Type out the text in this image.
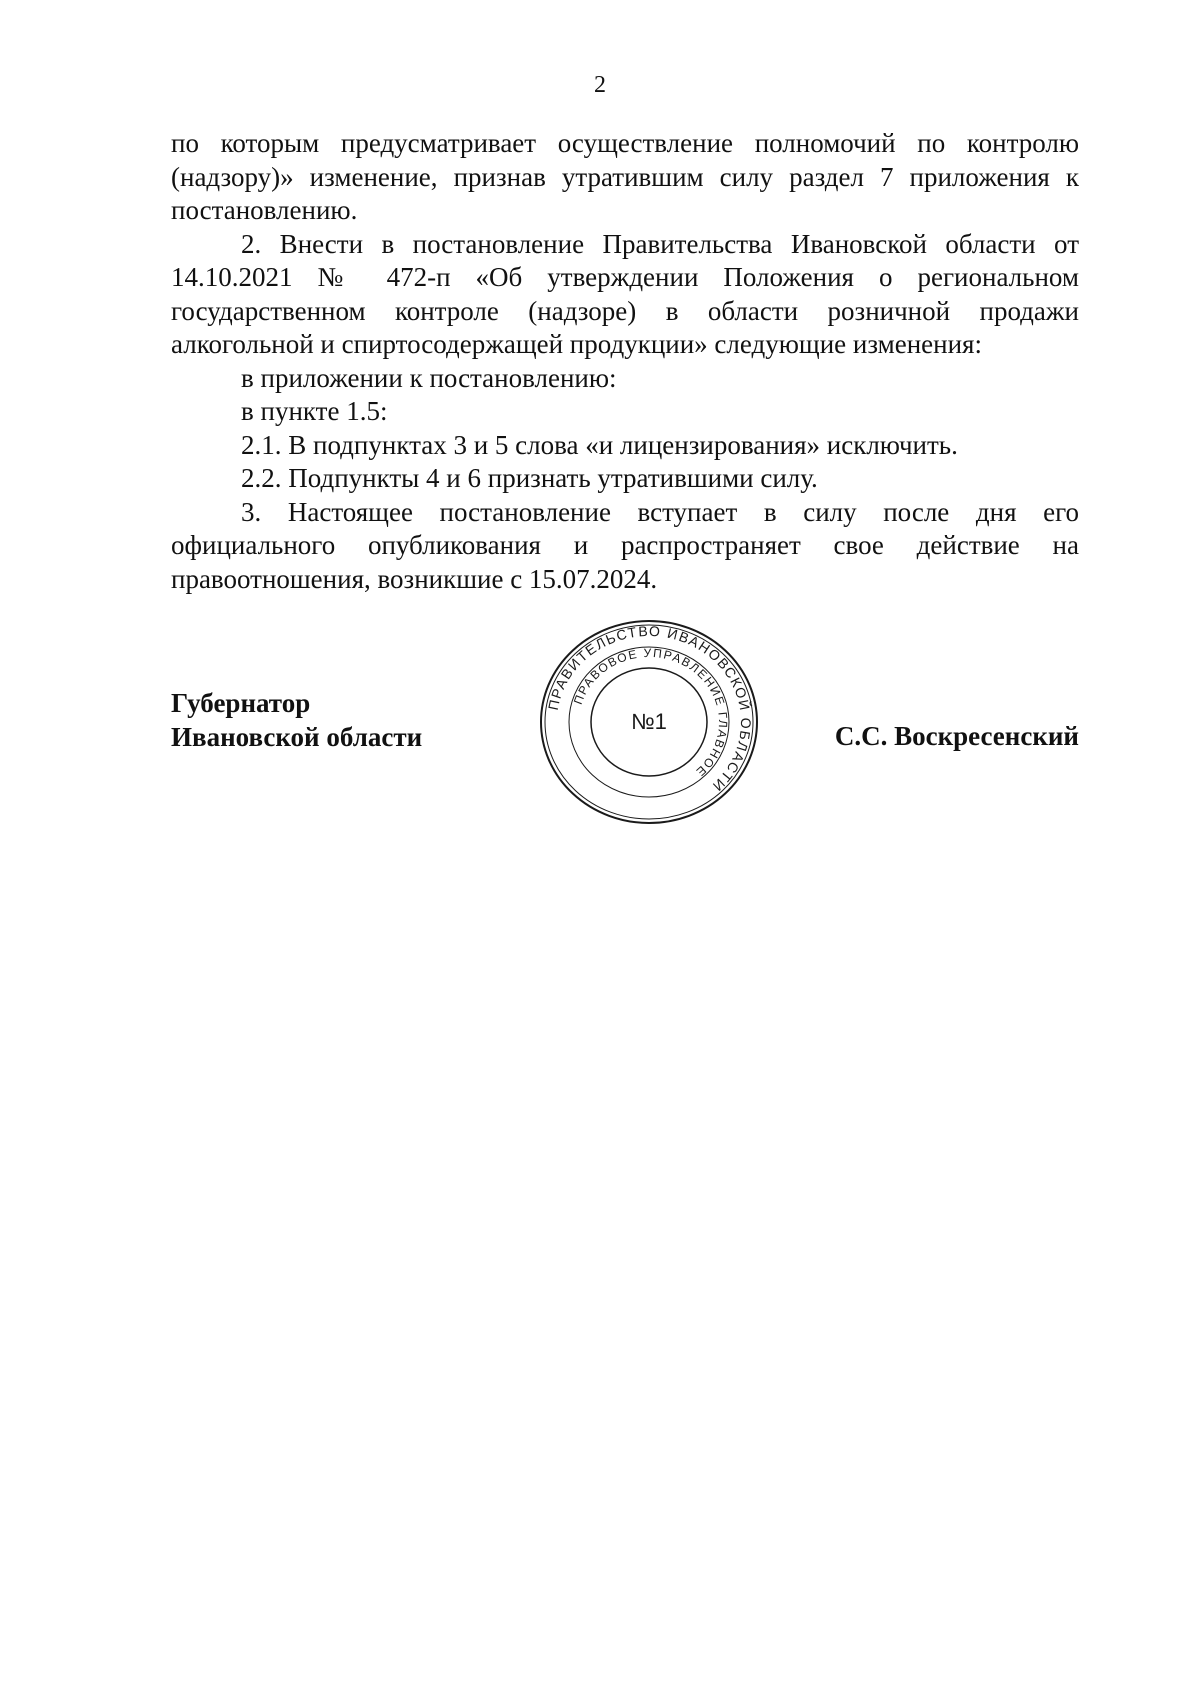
2

по которым предусматривает осуществление полномочий по контролю (надзору)» изменение, признав утратившим силу раздел 7 приложения к постановлению.

2. Внести в постановление Правительства Ивановской области от 14.10.2021 № 472-п «Об утверждении Положения о региональном государственном контроле (надзоре) в области розничной продажи алкогольной и спиртосодержащей продукции» следующие изменения:

в приложении к постановлению:

в пункте 1.5:

2.1. В подпунктах 3 и 5 слова «и лицензирования» исключить.

2.2. Подпункты 4 и 6 признать утратившими силу.

3. Настоящее постановление вступает в силу после дня его официального опубликования и распространяет свое действие на правоотношения, возникшие с 15.07.2024.

Губернатор
Ивановской области
ПРАВИТЕЛЬСТВО ИВАНОВСКОЙ ОБЛАСТИ
ПРАВОВОЕ УПРАВЛЕНИЕ ГЛАВНОЕ
№1	С.С. Воскресенский
